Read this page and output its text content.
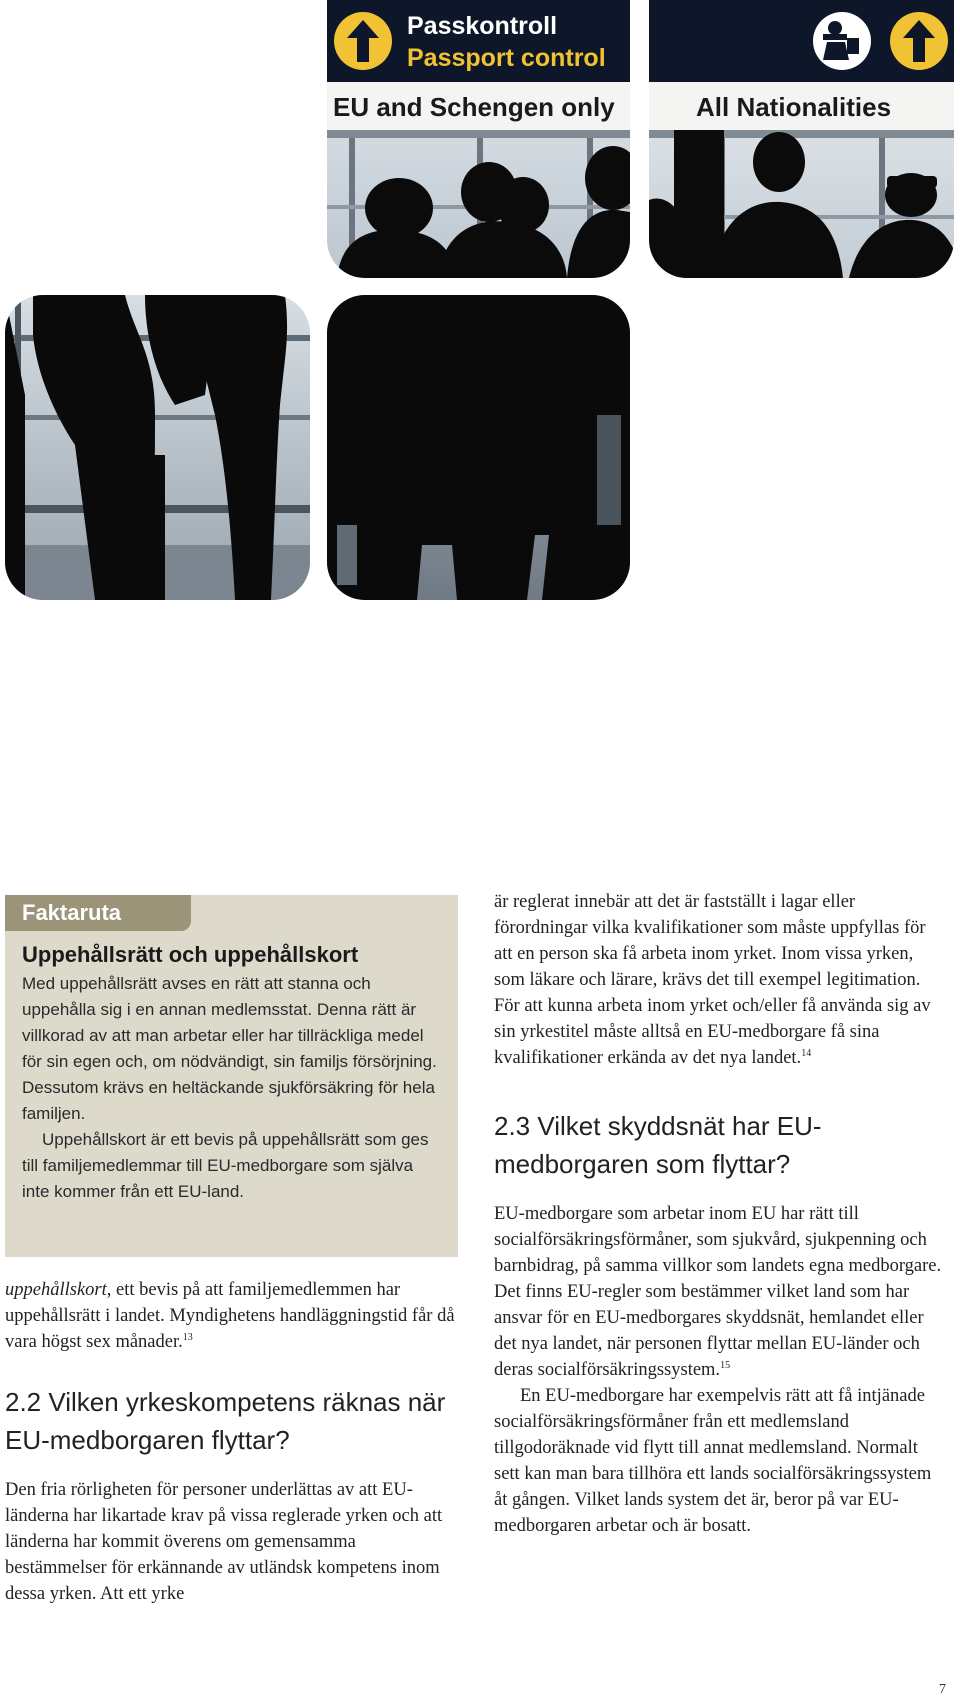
Passkontroll
Passport control
EU and Schengen only	All Nationalities
Faktaruta
Uppehållsrätt och uppehållskort

Med uppehållsrätt avses en rätt att stanna och uppehålla sig i en annan medlemsstat. Denna rätt är villkorad av att man arbetar eller har tillräckliga medel för sin egen och, om nödvändigt, sin familjs försörjning. Dessutom krävs en heltäckande sjukförsäkring för hela familjen.

Uppehållskort är ett bevis på uppehållsrätt som ges till familjemedlemmar till EU-medborgare som själva inte kommer från ett EU-land.

uppehållskort, ett bevis på att familjemedlemmen har uppehållsrätt i landet. Myndighetens handläggningstid får då vara högst sex månader.$^{13}$

2.2 Vilken yrkeskompetens räknas när EU-medborgaren flyttar?

Den fria rörligheten för personer underlättas av att EU-länderna har likartade krav på vissa reglerade yrken och att länderna har kommit överens om gemensamma bestämmelser för erkännande av utländsk kompetens inom dessa yrken. Att ett yrke

är reglerat innebär att det är fastställt i lagar eller förordningar vilka kvalifikationer som måste uppfyllas för att en person ska få arbeta inom yrket. Inom vissa yrken, som läkare och lärare, krävs det till exempel legitimation. För att kunna arbeta inom yrket och/eller få använda sig av sin yrkestitel måste alltså en EU-medborgare få sina kvalifikationer erkända av det nya landet.$^{14}$

2.3 Vilket skyddsnät har EU-medborgaren som flyttar?

EU-medborgare som arbetar inom EU har rätt till socialförsäkringsförmåner, som sjukvård, sjukpenning och barnbidrag, på samma villkor som landets egna medborgare. Det finns EU-regler som bestämmer vilket land som har ansvar för en EU-medborgares skyddsnät, hemlandet eller det nya landet, när personen flyttar mellan EU-länder och deras socialförsäkringssystem.$^{15}$

En EU-medborgare har exempelvis rätt att få intjänade socialförsäkringsförmåner från ett medlemsland tillgodoräknade vid flytt till annat medlemsland. Normalt sett kan man bara tillhöra ett lands socialförsäkringssystem åt gången. Vilket lands system det är, beror på var EU-medborgaren arbetar och är bosatt.

7
